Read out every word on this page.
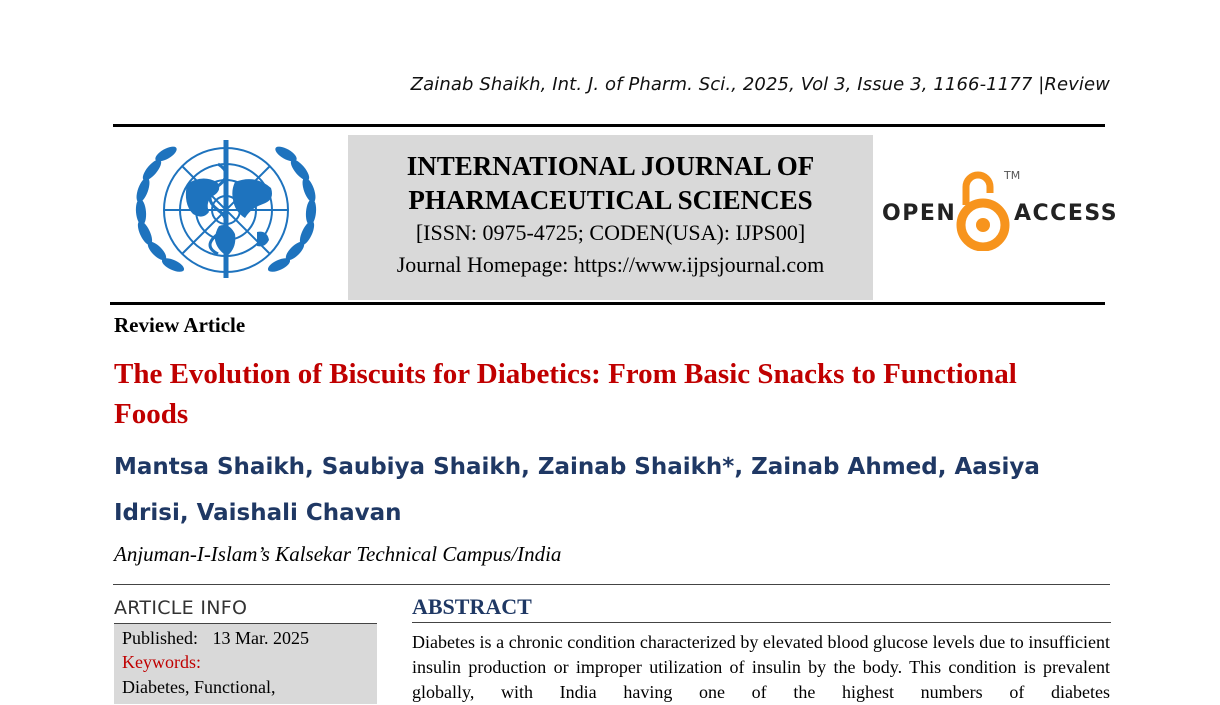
Zainab Shaikh, Int. J. of Pharm. Sci., 2025, Vol 3, Issue 3, 1166-1177 |Review
INTERNATIONAL JOURNAL OF
PHARMACEUTICAL SCIENCES
[ISSN: 0975-4725; CODEN(USA): IJPS00]
Journal Homepage: https://www.ijpsjournal.com
OPEN
TM
ACCESS
Review Article
The Evolution of Biscuits for Diabetics: From Basic Snacks to Functional Foods
Mantsa Shaikh, Saubiya Shaikh, Zainab Shaikh*, Zainab Ahmed, Aasiya Idrisi, Vaishali Chavan
Anjuman-I-Islam’s Kalsekar Technical Campus/India
ARTICLE INFO
Published: 13 Mar. 2025
Keywords:
Diabetes, Functional,
ABSTRACT
Diabetes is a chronic condition characterized by elevated blood glucose levels due to insufficient insulin production or improper utilization of insulin by the body. This condition is prevalent globally, with India having one of the highest numbers of diabetes
